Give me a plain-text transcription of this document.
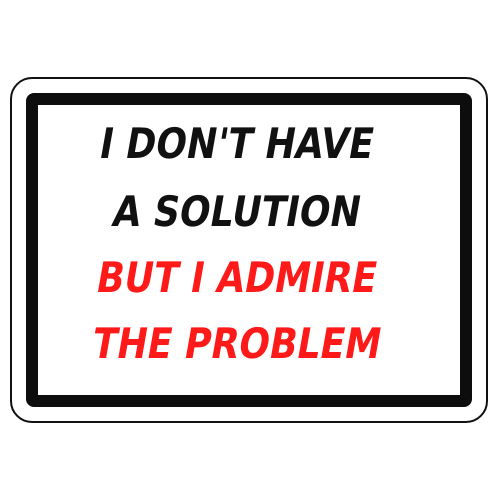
I DON'T HAVE
A SOLUTION
BUT I ADMIRE
THE PROBLEM
